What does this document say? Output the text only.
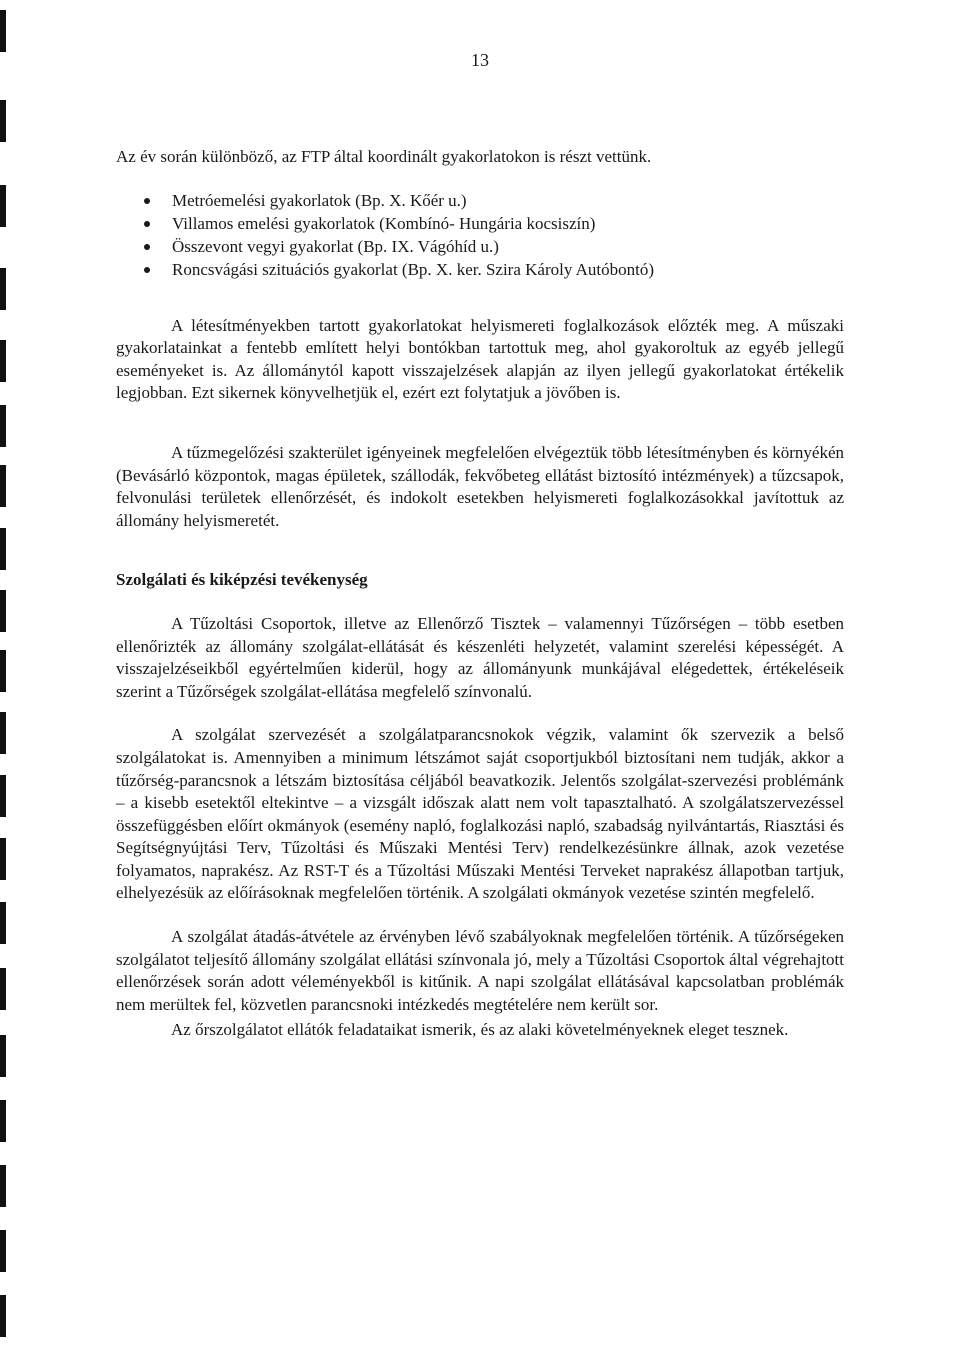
13

Az év során különböző, az FTP által koordinált gyakorlatokon is részt vettünk.

Metróemelési gyakorlatok (Bp. X. Kőér u.)
Villamos emelési gyakorlatok (Kombínó- Hungária kocsiszín)
Összevont vegyi gyakorlat (Bp. IX. Vágóhíd u.)
Roncsvágási szituációs gyakorlat (Bp. X. ker. Szira Károly Autóbontó)

A létesítményekben tartott gyakorlatokat helyismereti foglalkozások előzték meg. A műszaki gyakorlatainkat a fentebb említett helyi bontókban tartottuk meg, ahol gyakoroltuk az egyéb jellegű eseményeket is. Az állománytól kapott visszajelzések alapján az ilyen jellegű gyakorlatokat értékelik legjobban. Ezt sikernek könyvelhetjük el, ezért ezt folytatjuk a jövőben is.

A tűzmegelőzési szakterület igényeinek megfelelően elvégeztük több létesítményben és környékén (Bevásárló központok, magas épületek, szállodák, fekvőbeteg ellátást biztosító intézmények) a tűzcsapok, felvonulási területek ellenőrzését, és indokolt esetekben helyismereti foglalkozásokkal javítottuk az állomány helyismeretét.

Szolgálati és kiképzési tevékenység

A Tűzoltási Csoportok, illetve az Ellenőrző Tisztek – valamennyi Tűzőrségen – több esetben ellenőrizték az állomány szolgálat-ellátását és készenléti helyzetét, valamint szerelési képességét. A visszajelzéseikből egyértelműen kiderül, hogy az állományunk munkájával elégedettek, értékeléseik szerint a Tűzőrségek szolgálat-ellátása megfelelő színvonalú.

A szolgálat szervezését a szolgálatparancsnokok végzik, valamint ők szervezik a belső szolgálatokat is. Amennyiben a minimum létszámot saját csoportjukból biztosítani nem tudják, akkor a tűzőrség-parancsnok a létszám biztosítása céljából beavatkozik. Jelentős szolgálat-szervezési problémánk – a kisebb esetektől eltekintve – a vizsgált időszak alatt nem volt tapasztalható. A szolgálatszervezéssel összefüggésben előírt okmányok (esemény napló, foglalkozási napló, szabadság nyilvántartás, Riasztási és Segítségnyújtási Terv, Tűzoltási és Műszaki Mentési Terv) rendelkezésünkre állnak, azok vezetése folyamatos, naprakész. Az RST-T és a Tűzoltási Műszaki Mentési Terveket naprakész állapotban tartjuk, elhelyezésük az előírásoknak megfelelően történik. A szolgálati okmányok vezetése szintén megfelelő.

A szolgálat átadás-átvétele az érvényben lévő szabályoknak megfelelően történik. A tűzőrségeken szolgálatot teljesítő állomány szolgálat ellátási színvonala jó, mely a Tűzoltási Csoportok által végrehajtott ellenőrzések során adott véleményekből is kitűnik. A napi szolgálat ellátásával kapcsolatban problémák nem merültek fel, közvetlen parancsnoki intézkedés megtételére nem került sor.

Az őrszolgálatot ellátók feladataikat ismerik, és az alaki követelményeknek eleget tesznek.
